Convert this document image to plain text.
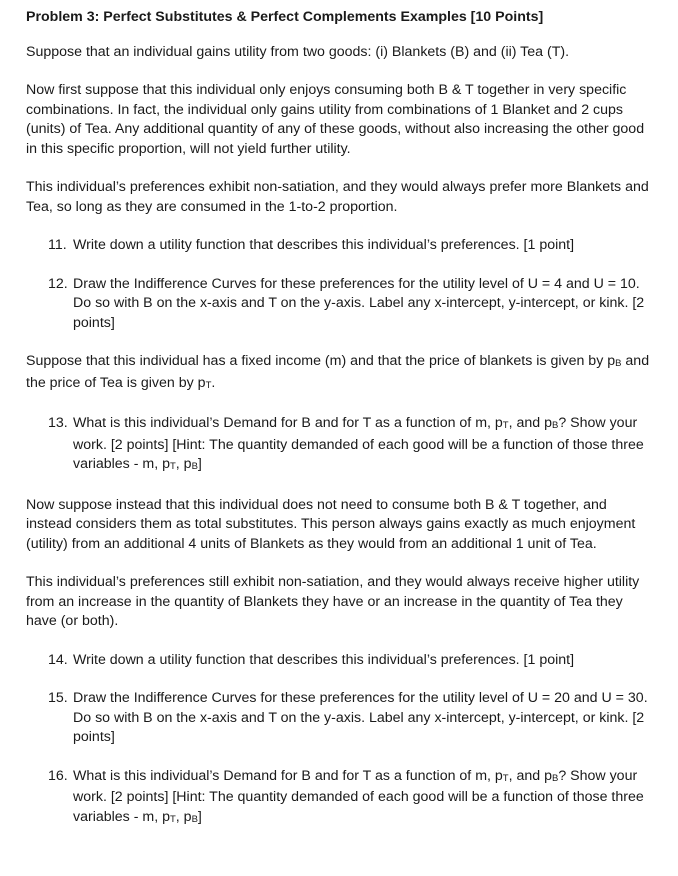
Problem 3: Perfect Substitutes & Perfect Complements Examples [10 Points]

Suppose that an individual gains utility from two goods: (i) Blankets (B) and (ii) Tea (T).

Now first suppose that this individual only enjoys consuming both B & T together in very specific combinations. In fact, the individual only gains utility from combinations of 1 Blanket and 2 cups (units) of Tea. Any additional quantity of any of these goods, without also increasing the other good in this specific proportion, will not yield further utility.

This individual’s preferences exhibit non-satiation, and they would always prefer more Blankets and Tea, so long as they are consumed in the 1-to-2 proportion.

11. Write down a utility function that describes this individual’s preferences. [1 point]
12. Draw the Indifference Curves for these preferences for the utility level of U = 4 and U = 10. Do so with B on the x-axis and T on the y-axis. Label any x-intercept, y-intercept, or kink. [2 points]

Suppose that this individual has a fixed income (m) and that the price of blankets is given by pB and the price of Tea is given by pT.

13. What is this individual’s Demand for B and for T as a function of m, pT, and pB? Show your work. [2 points] [Hint: The quantity demanded of each good will be a function of those three variables - m, pT, pB]

Now suppose instead that this individual does not need to consume both B & T together, and instead considers them as total substitutes. This person always gains exactly as much enjoyment (utility) from an additional 4 units of Blankets as they would from an additional 1 unit of Tea.

This individual’s preferences still exhibit non-satiation, and they would always receive higher utility from an increase in the quantity of Blankets they have or an increase in the quantity of Tea they have (or both).

14. Write down a utility function that describes this individual’s preferences. [1 point]
15. Draw the Indifference Curves for these preferences for the utility level of U = 20 and U = 30. Do so with B on the x-axis and T on the y-axis. Label any x-intercept, y-intercept, or kink. [2 points]
16. What is this individual’s Demand for B and for T as a function of m, pT, and pB? Show your work. [2 points] [Hint: The quantity demanded of each good will be a function of those three variables - m, pT, pB]
